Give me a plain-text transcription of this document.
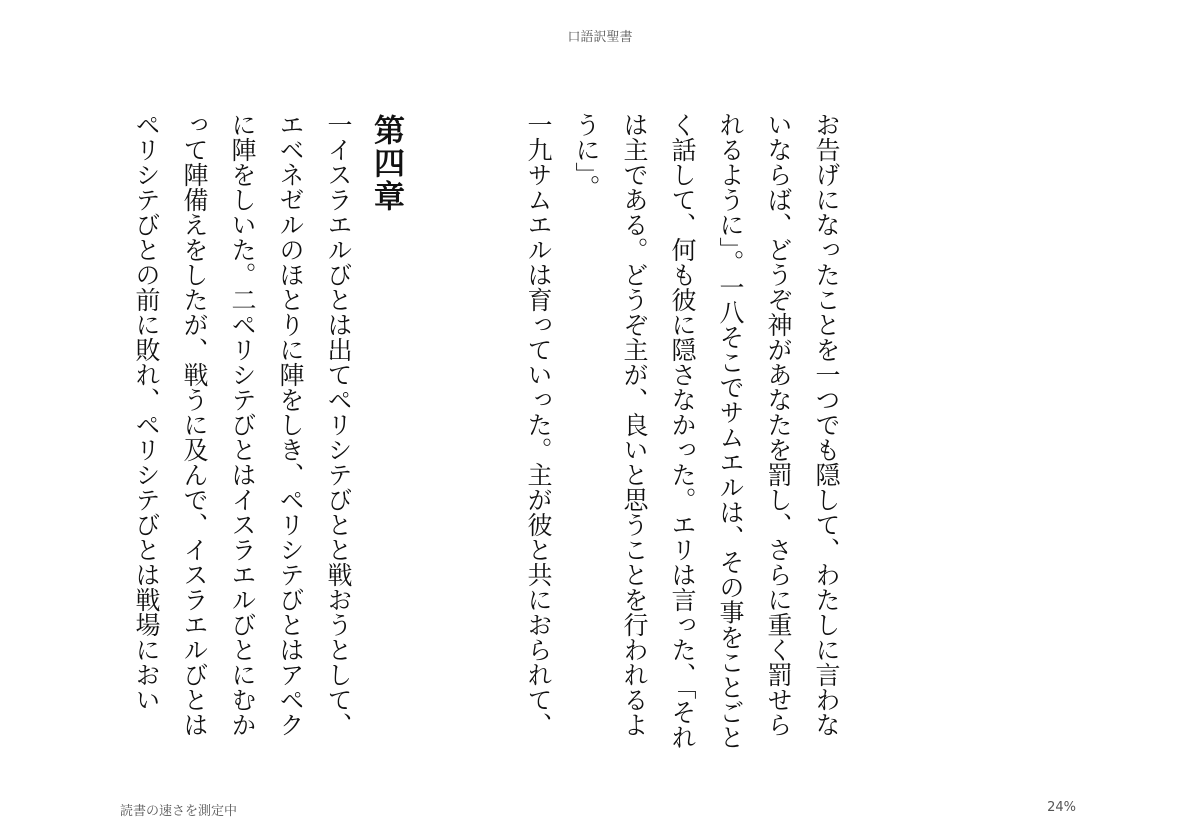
口語訳聖書

お告げになったことを一つでも隠して、わたしに言わないならば、どうぞ神があなたを罰し、さらに重く罰せられるように」。一八そこでサムエルは、その事をことごとく話して、何も彼に隠さなかった。エリは言った、「それは主である。どうぞ主が、良いと思うことを行われるように」。

一九サムエルは育っていった。主が彼と共におられて、

第四章

一イスラエルびとは出てペリシテびとと戦おうとして、エベネゼルのほとりに陣をしき、ペリシテびとはアペクに陣をしいた。二ペリシテびとはイスラエルびとにむかって陣備えをしたが、戦うに及んで、イスラエルびとはペリシテびとの前に敗れ、ペリシテびとは戦場におい

読書の速さを測定中	24%
